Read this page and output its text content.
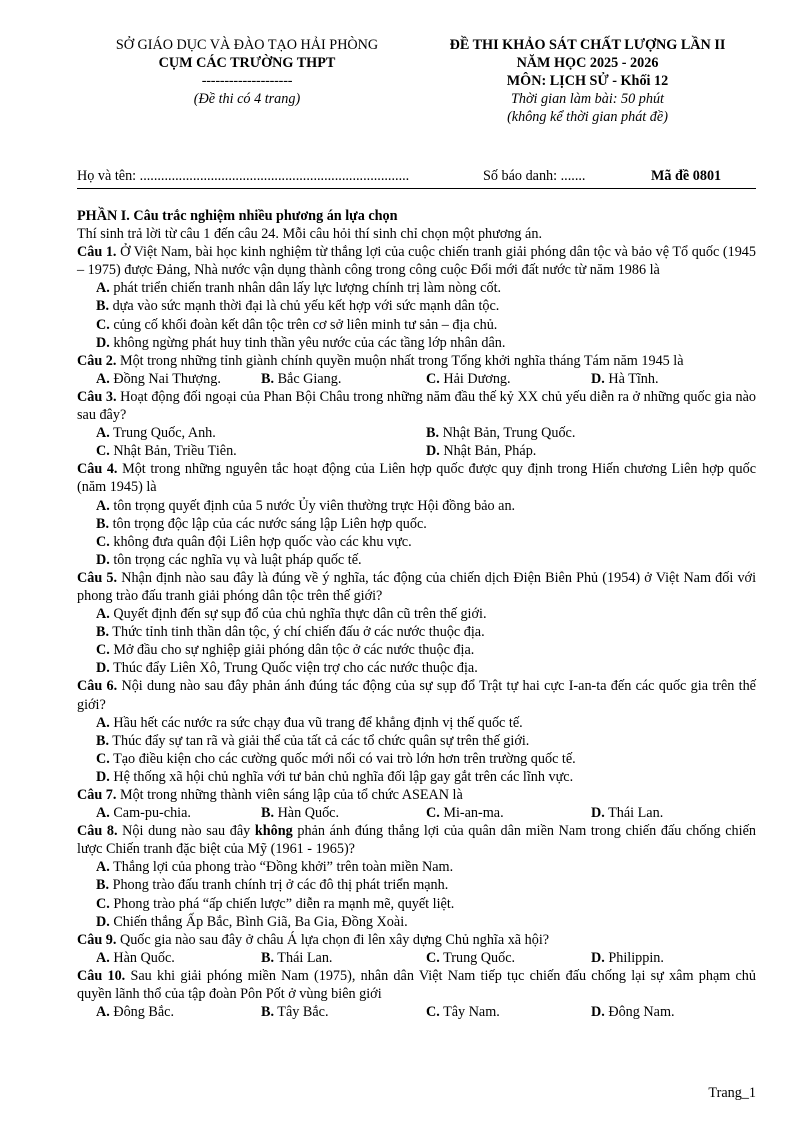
SỞ GIÁO DỤC VÀ ĐÀO TẠO HẢI PHÒNG
CỤM CÁC TRƯỜNG THPT
--------------------
(Đề thi có 4 trang)
ĐỀ THI KHẢO SÁT CHẤT LƯỢNG LẦN II
NĂM HỌC 2025 - 2026
MÔN: LỊCH SỬ - Khối 12
Thời gian làm bài: 50 phút
(không kể thời gian phát đề)
Họ và tên: ............................................................................	Số báo danh: .......	Mã đề 0801
PHẦN I. Câu trắc nghiệm nhiều phương án lựa chọn
Thí sinh trả lời từ câu 1 đến câu 24. Mỗi câu hỏi thí sinh chỉ chọn một phương án.
Câu 1. Ở Việt Nam, bài học kinh nghiệm từ thắng lợi của cuộc chiến tranh giải phóng dân tộc và bảo vệ Tổ quốc (1945 – 1975) được Đảng, Nhà nước vận dụng thành công trong công cuộc Đổi mới đất nước từ năm 1986 là
A. phát triển chiến tranh nhân dân lấy lực lượng chính trị làm nòng cốt.
B. dựa vào sức mạnh thời đại là chủ yếu kết hợp với sức mạnh dân tộc.
C. củng cố khối đoàn kết dân tộc trên cơ sở liên minh tư sản – địa chủ.
D. không ngừng phát huy tinh thần yêu nước của các tầng lớp nhân dân.
Câu 2. Một trong những tỉnh giành chính quyền muộn nhất trong Tổng khởi nghĩa tháng Tám năm 1945 là
A. Đồng Nai Thượng.	B. Bắc Giang.	C. Hải Dương.	D. Hà Tĩnh.
Câu 3. Hoạt động đối ngoại của Phan Bội Châu trong những năm đầu thế kỷ XX chủ yếu diễn ra ở những quốc gia nào sau đây?
A. Trung Quốc, Anh.	B. Nhật Bản, Trung Quốc.
C. Nhật Bản, Triều Tiên.	D. Nhật Bản, Pháp.
Câu 4. Một trong những nguyên tắc hoạt động của Liên hợp quốc được quy định trong Hiến chương Liên hợp quốc (năm 1945) là
A. tôn trọng quyết định của 5 nước Ủy viên thường trực Hội đồng bảo an.
B. tôn trọng độc lập của các nước sáng lập Liên hợp quốc.
C. không đưa quân đội Liên hợp quốc vào các khu vực.
D. tôn trọng các nghĩa vụ và luật pháp quốc tế.
Câu 5. Nhận định nào sau đây là đúng về ý nghĩa, tác động của chiến dịch Điện Biên Phủ (1954) ở Việt Nam đối với phong trào đấu tranh giải phóng dân tộc trên thế giới?
A. Quyết định đến sự sụp đổ của chủ nghĩa thực dân cũ trên thế giới.
B. Thức tỉnh tinh thần dân tộc, ý chí chiến đấu ở các nước thuộc địa.
C. Mở đầu cho sự nghiệp giải phóng dân tộc ở các nước thuộc địa.
D. Thúc đẩy Liên Xô, Trung Quốc viện trợ cho các nước thuộc địa.
Câu 6. Nội dung nào sau đây phản ánh đúng tác động của sự sụp đổ Trật tự hai cực I-an-ta đến các quốc gia trên thế giới?
A. Hầu hết các nước ra sức chạy đua vũ trang để khẳng định vị thế quốc tế.
B. Thúc đẩy sự tan rã và giải thể của tất cả các tổ chức quân sự trên thế giới.
C. Tạo điều kiện cho các cường quốc mới nổi có vai trò lớn hơn trên trường quốc tế.
D. Hệ thống xã hội chủ nghĩa với tư bản chủ nghĩa đối lập gay gắt trên các lĩnh vực.
Câu 7. Một trong những thành viên sáng lập của tổ chức ASEAN là
A. Cam-pu-chia.	B. Hàn Quốc.	C. Mi-an-ma.	D. Thái Lan.
Câu 8. Nội dung nào sau đây không phản ánh đúng thắng lợi của quân dân miền Nam trong chiến đấu chống chiến lược Chiến tranh đặc biệt của Mỹ (1961 - 1965)?
A. Thắng lợi của phong trào “Đồng khởi” trên toàn miền Nam.
B. Phong trào đấu tranh chính trị ở các đô thị phát triển mạnh.
C. Phong trào phá “ấp chiến lược” diễn ra mạnh mẽ, quyết liệt.
D. Chiến thắng Ấp Bắc, Bình Giã, Ba Gia, Đồng Xoài.
Câu 9. Quốc gia nào sau đây ở châu Á lựa chọn đi lên xây dựng Chủ nghĩa xã hội?
A. Hàn Quốc.	B. Thái Lan.	C. Trung Quốc.	D. Philippin.
Câu 10. Sau khi giải phóng miền Nam (1975), nhân dân Việt Nam tiếp tục chiến đấu chống lại sự xâm phạm chủ quyền lãnh thổ của tập đoàn Pôn Pốt ở vùng biên giới
A. Đông Bắc.	B. Tây Bắc.	C. Tây Nam.	D. Đông Nam.
Trang_1
